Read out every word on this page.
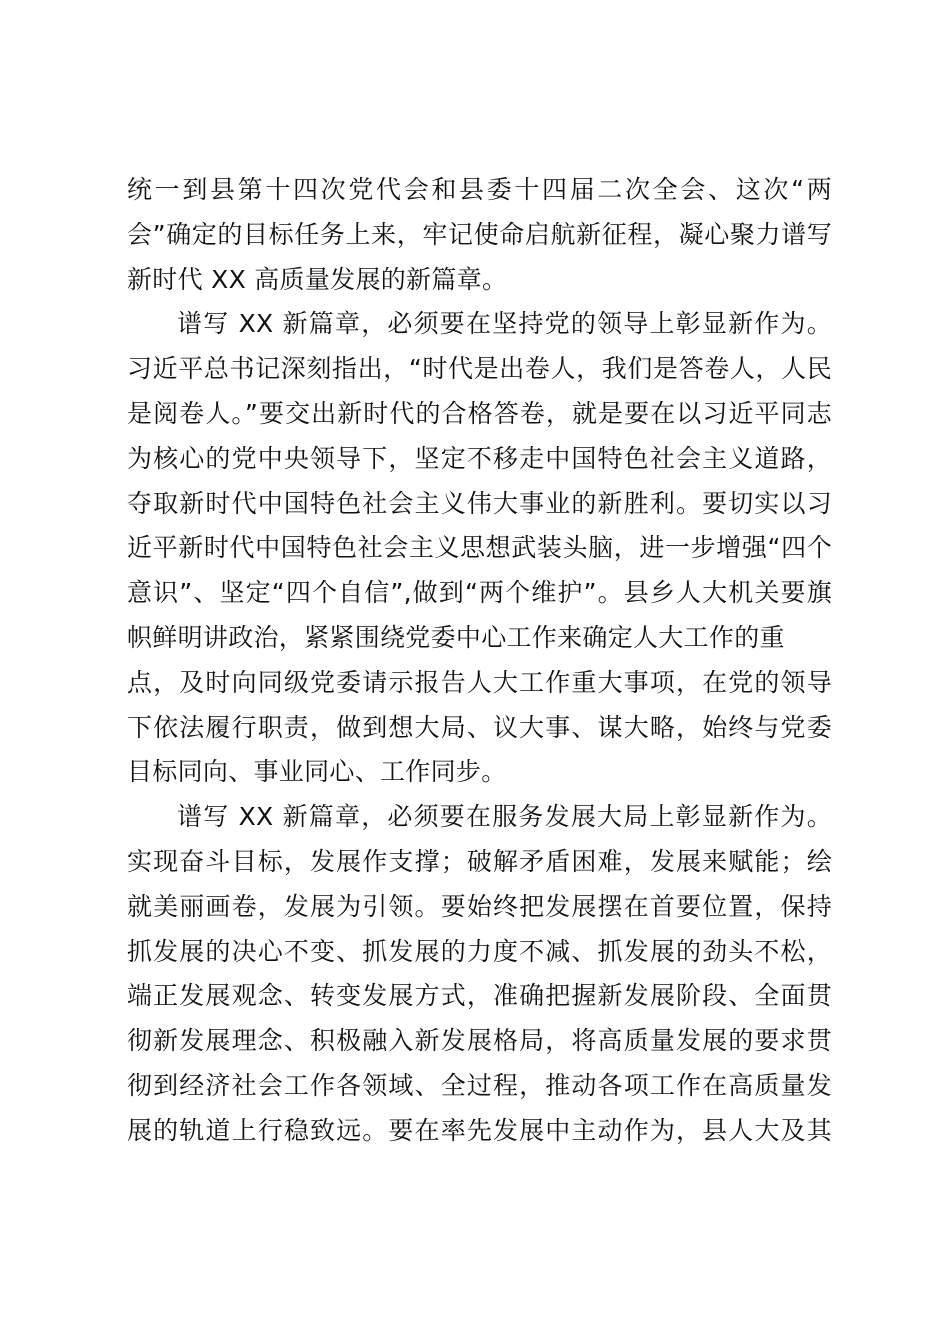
统一到县第十四次党代会和县委十四届二次全会、这次“两
会”确定的目标任务上来，牢记使命启航新征程，凝心聚力谱写
新时代 XX 高质量发展的新篇章。
谱写 XX 新篇章，必须要在坚持党的领导上彰显新作为。
习近平总书记深刻指出，“时代是出卷人，我们是答卷人，人民
是阅卷人。”要交出新时代的合格答卷，就是要在以习近平同志
为核心的党中央领导下，坚定不移走中国特色社会主义道路，
夺取新时代中国特色社会主义伟大事业的新胜利。要切实以习
近平新时代中国特色社会主义思想武装头脑，进一步增强“四个
意识”、坚定“四个自信”,做到“两个维护”。县乡人大机关要旗
帜鲜明讲政治，紧紧围绕党委中心工作来确定人大工作的重
点，及时向同级党委请示报告人大工作重大事项，在党的领导
下依法履行职责，做到想大局、议大事、谋大略，始终与党委
目标同向、事业同心、工作同步。
谱写 XX 新篇章，必须要在服务发展大局上彰显新作为。
实现奋斗目标，发展作支撑；破解矛盾困难，发展来赋能；绘
就美丽画卷，发展为引领。要始终把发展摆在首要位置，保持
抓发展的决心不变、抓发展的力度不减、抓发展的劲头不松，
端正发展观念、转变发展方式，准确把握新发展阶段、全面贯
彻新发展理念、积极融入新发展格局，将高质量发展的要求贯
彻到经济社会工作各领域、全过程，推动各项工作在高质量发
展的轨道上行稳致远。要在率先发展中主动作为，县人大及其
